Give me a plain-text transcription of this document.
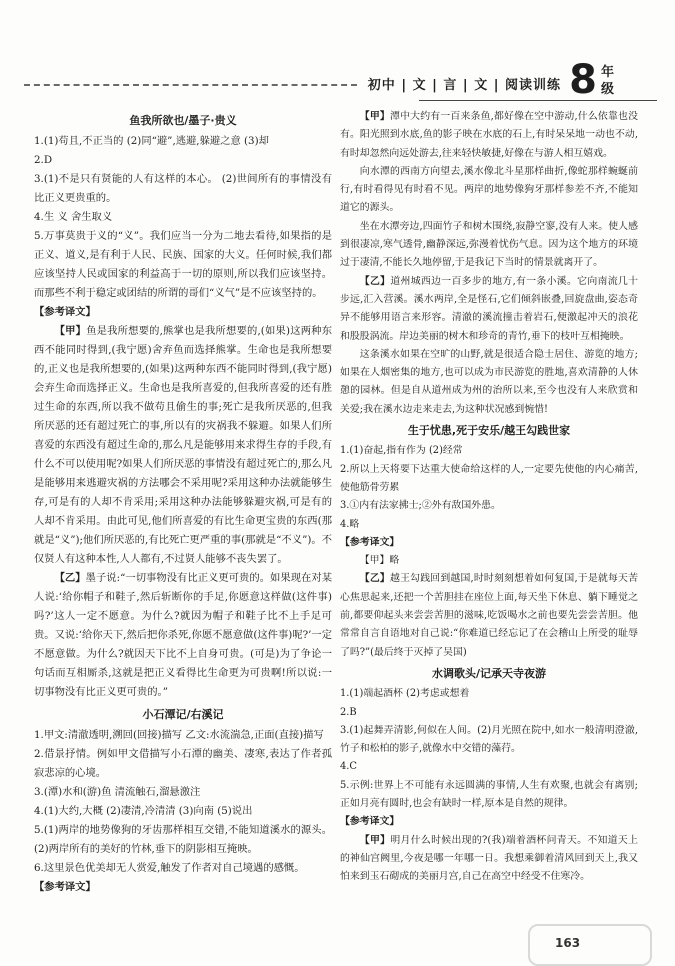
初中 | 文 | 言 | 文 | 阅读训练 8 年级
鱼我所欲也/墨子·贵义

1.(1)苟且,不正当的 (2)同“避”,逃避,躲避之意 (3)却

2.D

3.(1)不是只有贤能的人有这样的本心。 (2)世间所有的事情没有比正义更贵重的。

4.生 义 舍生取义

5.万事莫贵于义的“义”。我们应当一分为二地去看待,如果指的是正义、道义,是有利于人民、民族、国家的大义。任何时候,我们都应该坚持人民或国家的利益高于一切的原则,所以我们应该坚持。而那些不利于稳定或团结的所谓的哥们“义气”是不应该坚持的。

【参考译文】

【甲】鱼是我所想要的,熊掌也是我所想要的,(如果)这两种东西不能同时得到,(我宁愿)舍弃鱼而选择熊掌。生命也是我所想要的,正义也是我所想要的,(如果)这两种东西不能同时得到,(我宁愿)会弃生命而选择正义。生命也是我所喜爱的,但我所喜爱的还有胜过生命的东西,所以我不做苟且偷生的事;死亡是我所厌恶的,但我所厌恶的还有超过死亡的事,所以有的灾祸我不躲避。如果人们所喜爱的东西没有超过生命的,那么凡是能够用来求得生存的手段,有什么不可以使用呢?如果人们所厌恶的事情没有超过死亡的,那么凡是能够用来逃避灾祸的方法哪会不采用呢?采用这种办法就能够生存,可是有的人却不肯采用;采用这种办法能够躲避灾祸,可是有的人却不肯采用。由此可见,他们所喜爱的有比生命更宝贵的东西(那就是“义”);他们所厌恶的,有比死亡更严重的事(那就是“不义”)。不仅贤人有这种本性,人人都有,不过贤人能够不丧失罢了。

【乙】墨子说:“一切事物没有比正义更可贵的。如果现在对某人说:‘给你帽子和鞋子,然后斩断你的手足,你愿意这样做(这件事)吗?’这人一定不愿意。为什么?就因为帽子和鞋子比不上手足可贵。又说:‘给你天下,然后把你杀死,你愿不愿意做(这件事)呢?’一定不愿意做。为什么?就因天下比不上自身可贵。(可是)为了争论一句话而互相厮杀,这就是把正义看得比生命更为可贵啊!所以说:一切事物没有比正义更可贵的。”

小石潭记/右溪记

1.甲文:清澈透明,溯回(回接)描写 乙文:水流湍急,正面(直接)描写

2.借景抒情。例如甲文借描写小石潭的幽美、凄寒,表达了作者孤寂悲凉的心境。

3.(潭)水和(游)鱼 清流触石,溜悬激注

4.(1)大约,大概 (2)凄清,冷清清 (3)向南 (5)说出

5.(1)两岸的地势像狗的牙齿那样相互交错,不能知道溪水的源头。(2)两岸所有的美好的竹林,垂下的阴影相互掩映。

6.这里景色优美却无人赏爱,触发了作者对自己境遇的感慨。

【参考译文】

【甲】潭中大约有一百来条鱼,都好像在空中游动,什么依靠也没有。阳光照到水底,鱼的影子映在水底的石上,有时呆呆地一动也不动,有时却忽然向远处游去,往来轻快敏捷,好像在与游人相互嬉戏。

向水潭的西南方向望去,溪水像北斗星那样曲折,像蛇那样蜿蜒前行,有时看得见有时看不见。两岸的地势像狗牙那样参差不齐,不能知道它的源头。

坐在水潭旁边,四面竹子和树木围绕,寂静空寥,没有人来。使人感到很凄凉,寒气透骨,幽静深远,弥漫着忧伤气息。因为这个地方的环境过于凄清,不能长久地停留,于是我记下当时的情景就离开了。

【乙】道州城西边一百多步的地方,有一条小溪。它向南流几十步远,汇入营溪。溪水两岸,全是怪石,它们倾斜嵌叠,回旋盘曲,姿态奇异不能够用语言来形容。清澈的溪流撞击着岩石,便激起冲天的浪花和股股涡流。岸边美丽的树木和珍奇的青竹,垂下的枝叶互相掩映。

这条溪水如果在空旷的山野,就是很适合隐士居住、游览的地方;如果在人烟密集的地方,也可以成为市民游览的胜地,喜欢清静的人休憩的园林。但是自从道州成为州的治所以来,至今也没有人来欣赏和关爱;我在溪水边走来走去,为这种状况感到惋惜!

生于忧患,死于安乐/越王勾践世家

1.(1)奋起,指有作为 (2)经常

2.所以上天将要下达重大使命给这样的人,一定要先使他的内心痛苦,使他筋骨劳累

3.①内有法家拂士;②外有敌国外患。

4.略

【参考译文】

【甲】略

【乙】越王勾践回到越国,时时刻刻想着如何复国,于是就每天苦心焦思起来,还把一个苦胆挂在座位上面,每天坐下休息、躺下睡觉之前,都要仰起头来尝尝苦胆的滋味,吃饭喝水之前也要先尝尝苦胆。他常常自言自语地对自己说:“你难道已经忘记了在会稽山上所受的耻辱了吗?”(最后终于灭掉了吴国)

水调歌头/记承天寺夜游

1.(1)端起酒杯 (2)考虑或想着

2.B

3.(1)起舞弄清影,何似在人间。(2)月光照在院中,如水一般清明澄澈,竹子和松柏的影子,就像水中交错的藻荇。

4.C

5.示例:世界上不可能有永远圆满的事情,人生有欢聚,也就会有离别;正如月亮有圆时,也会有缺时一样,原本是自然的规律。

【参考译文】

【甲】明月什么时候出现的?(我)端着酒杯问青天。不知道天上的神仙宫阙里,今夜是哪一年哪一日。我想乘御着清风回到天上,我又怕来到玉石砌成的美丽月宫,自己在高空中经受不住寒冷。

163
